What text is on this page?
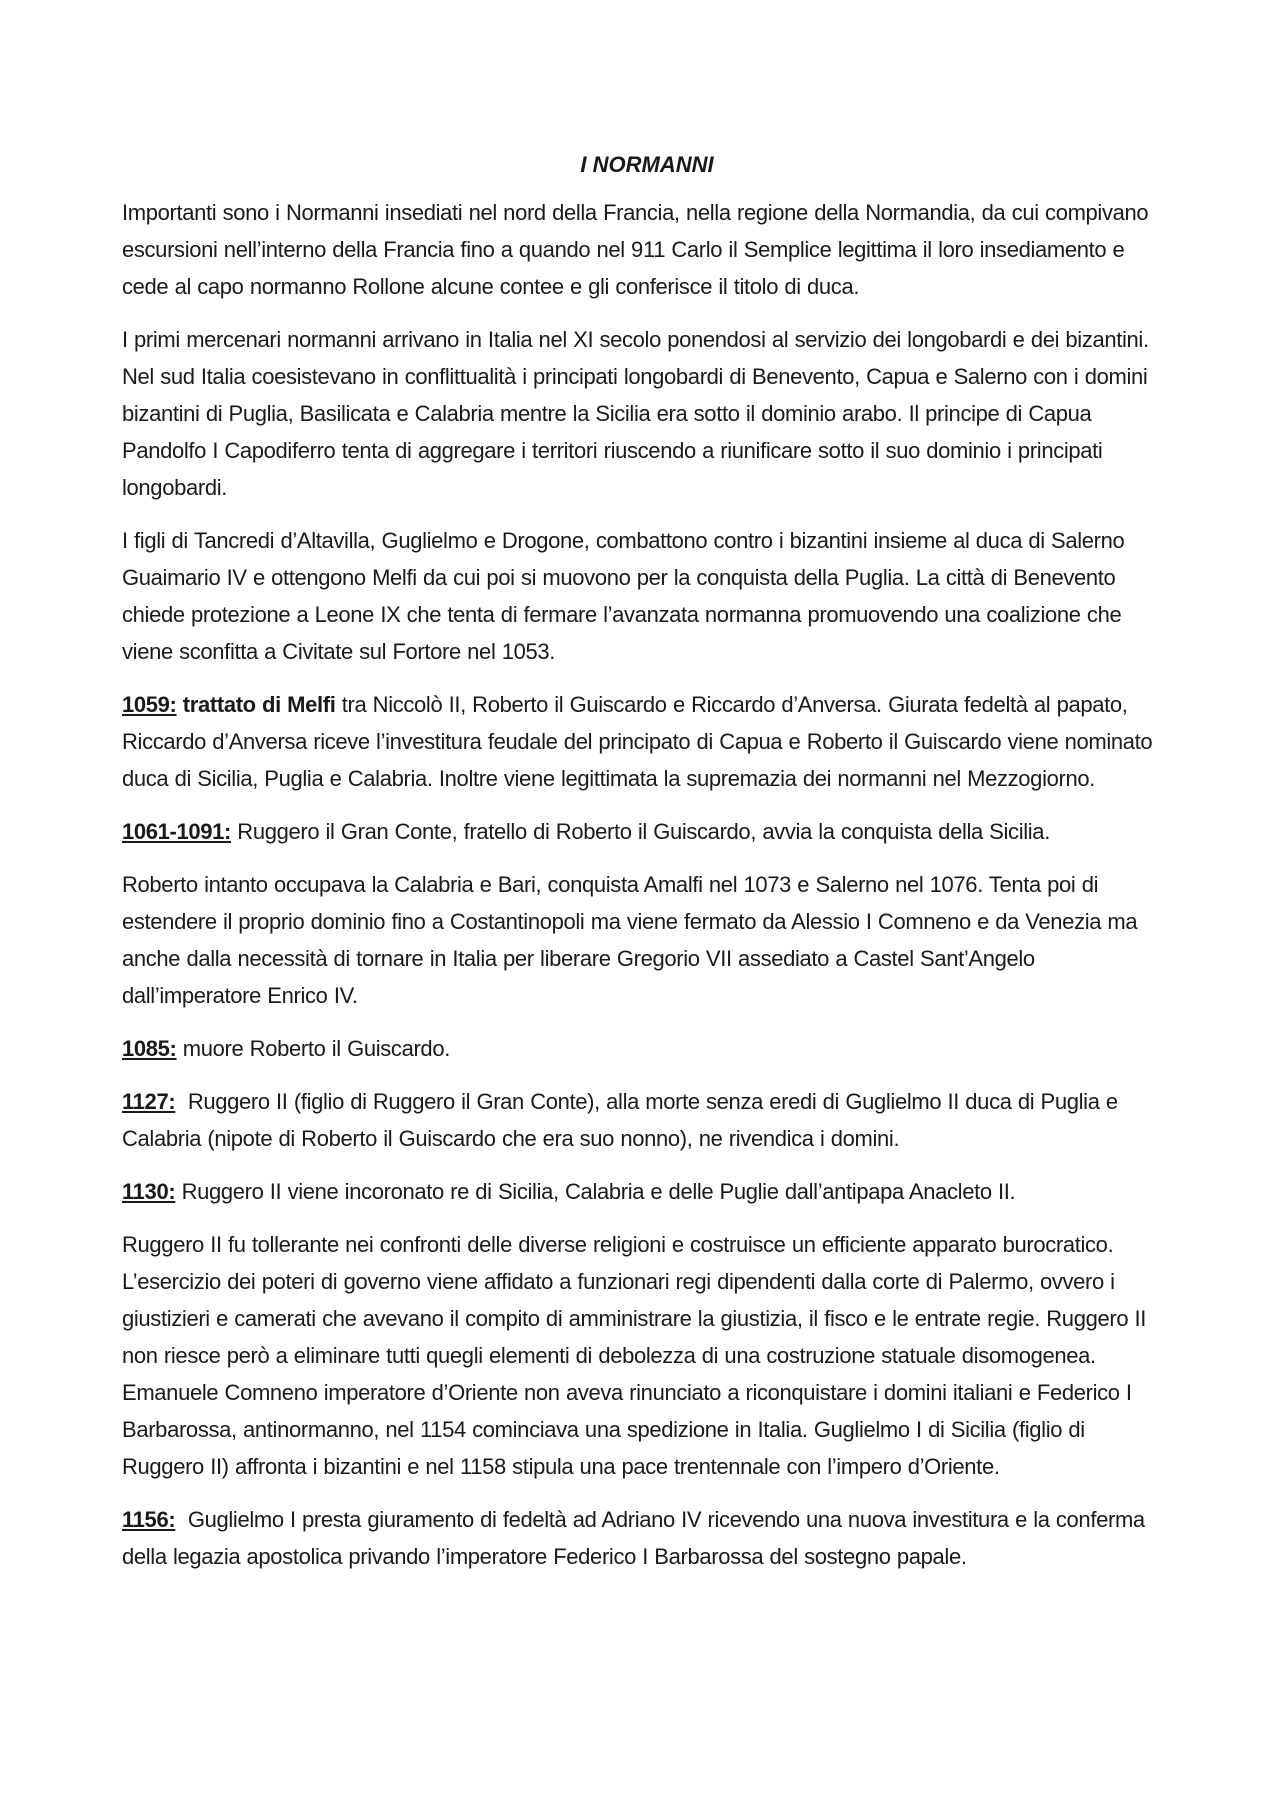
I NORMANNI

Importanti sono i Normanni insediati nel nord della Francia, nella regione della Normandia, da cui compivano escursioni nell’interno della Francia fino a quando nel 911 Carlo il Semplice legittima il loro insediamento e cede al capo normanno Rollone alcune contee e gli conferisce il titolo di duca.

I primi mercenari normanni arrivano in Italia nel XI secolo ponendosi al servizio dei longobardi e dei bizantini. Nel sud Italia coesistevano in conflittualità i principati longobardi di Benevento, Capua e Salerno con i domini bizantini di Puglia, Basilicata e Calabria mentre la Sicilia era sotto il dominio arabo. Il principe di Capua Pandolfo I Capodiferro tenta di aggregare i territori riuscendo a riunificare sotto il suo dominio i principati longobardi.

I figli di Tancredi d’Altavilla, Guglielmo e Drogone, combattono contro i bizantini insieme al duca di Salerno Guaimario IV e ottengono Melfi da cui poi si muovono per la conquista della Puglia. La città di Benevento chiede protezione a Leone IX che tenta di fermare l’avanzata normanna promuovendo una coalizione che viene sconfitta a Civitate sul Fortore nel 1053.

1059: trattato di Melfi tra Niccolò II, Roberto il Guiscardo e Riccardo d’Anversa. Giurata fedeltà al papato, Riccardo d’Anversa riceve l’investitura feudale del principato di Capua e Roberto il Guiscardo viene nominato duca di Sicilia, Puglia e Calabria. Inoltre viene legittimata la supremazia dei normanni nel Mezzogiorno.

1061-1091: Ruggero il Gran Conte, fratello di Roberto il Guiscardo, avvia la conquista della Sicilia.

Roberto intanto occupava la Calabria e Bari, conquista Amalfi nel 1073 e Salerno nel 1076. Tenta poi di estendere il proprio dominio fino a Costantinopoli ma viene fermato da Alessio I Comneno e da Venezia ma anche dalla necessità di tornare in Italia per liberare Gregorio VII assediato a Castel Sant’Angelo dall’imperatore Enrico IV.

1085: muore Roberto il Guiscardo.

1127:  Ruggero II (figlio di Ruggero il Gran Conte), alla morte senza eredi di Guglielmo II duca di Puglia e Calabria (nipote di Roberto il Guiscardo che era suo nonno), ne rivendica i domini.

1130: Ruggero II viene incoronato re di Sicilia, Calabria e delle Puglie dall’antipapa Anacleto II.

Ruggero II fu tollerante nei confronti delle diverse religioni e costruisce un efficiente apparato burocratico. L’esercizio dei poteri di governo viene affidato a funzionari regi dipendenti dalla corte di Palermo, ovvero i giustizieri e camerati che avevano il compito di amministrare la giustizia, il fisco e le entrate regie. Ruggero II non riesce però a eliminare tutti quegli elementi di debolezza di una costruzione statuale disomogenea. Emanuele Comneno imperatore d’Oriente non aveva rinunciato a riconquistare i domini italiani e Federico I Barbarossa, antinormanno, nel 1154 cominciava una spedizione in Italia. Guglielmo I di Sicilia (figlio di Ruggero II) affronta i bizantini e nel 1158 stipula una pace trentennale con l’impero d’Oriente.

1156:  Guglielmo I presta giuramento di fedeltà ad Adriano IV ricevendo una nuova investitura e la conferma della legazia apostolica privando l’imperatore Federico I Barbarossa del sostegno papale.
